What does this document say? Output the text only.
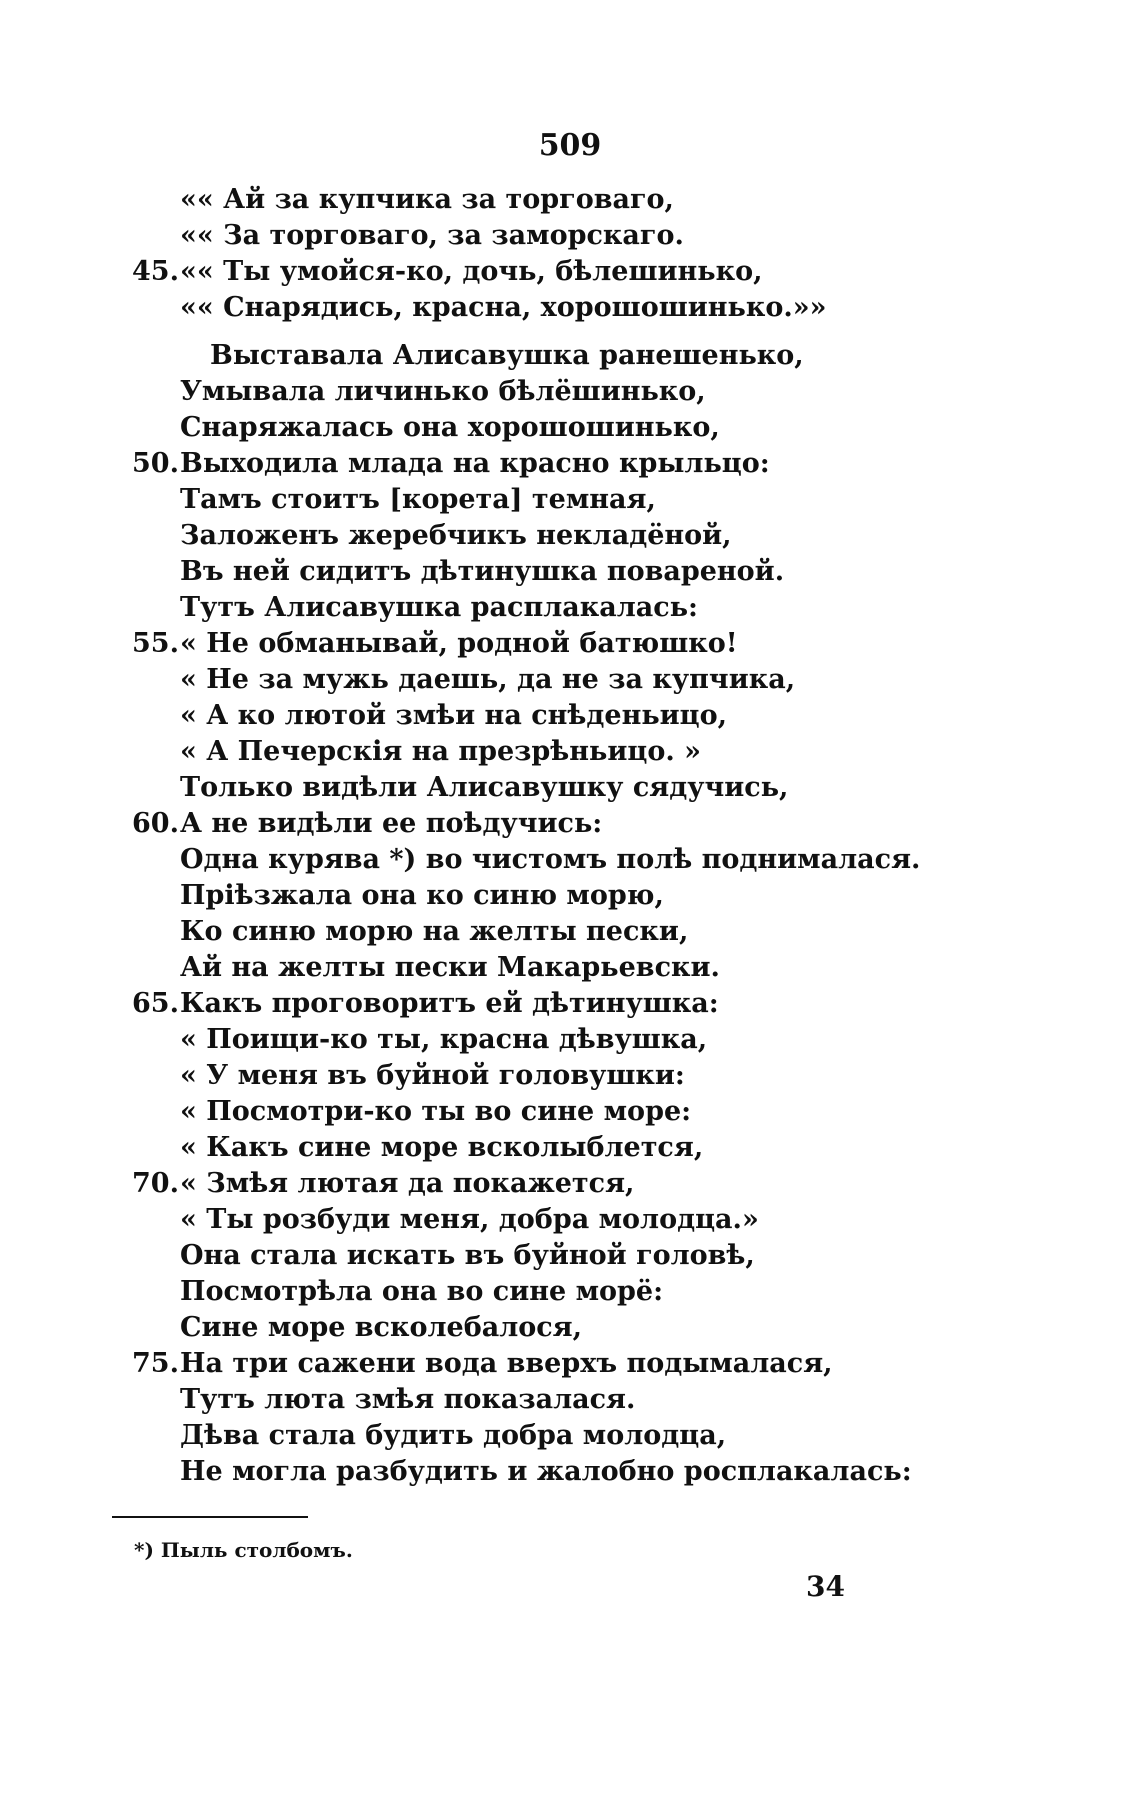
509
«« Ай за купчика за торговаго,
«« За торговаго, за заморскаго.
45. «« Ты умойся-ко, дочь, бѣлешинько,
«« Снарядись, красна, хорошошинько.»»
Выставала Алисавушка ранешенько,
Умывала личинько бѣлёшинько,
Снаряжалась она хорошошинько,
50. Выходила млада на красно крыльцо:
Тамъ стоитъ [корета] темная,
Заложенъ жеребчикъ некладёной,
Въ ней сидитъ дѣтинушка повареной.
Тутъ Алисавушка расплакалась:
55. « Не обманывай, родной батюшко!
« Не за мужь даешь, да не за купчика,
« А ко лютой змѣи на снѣденьицо,
« А Печерскія на презрѣньицо. »
Только видѣли Алисавушку сядучись,
60. А не видѣли ее поѣдучись:
Одна курява *) во чистомъ полѣ поднималася.
Пріѣзжала она ко синю морю,
Ко синю морю на желты пески,
Ай на желты пески Макарьевски.
65. Какъ проговоритъ ей дѣтинушка:
« Поищи-ко ты, красна дѣвушка,
« У меня въ буйной головушки:
« Посмотри-ко ты во сине море:
« Какъ сине море всколыблется,
70. « Змѣя лютая да покажется,
« Ты розбуди меня, добра молодца.»
Она стала искать въ буйной головѣ,
Посмотрѣла она во сине морё:
Сине море всколебалося,
75. На три сажени вода вверхъ подымалася,
Тутъ люта змѣя показалася.
Дѣва стала будить добра молодца,
Не могла разбудить и жалобно росплакалась:
*) Пыль столбомъ.
34
